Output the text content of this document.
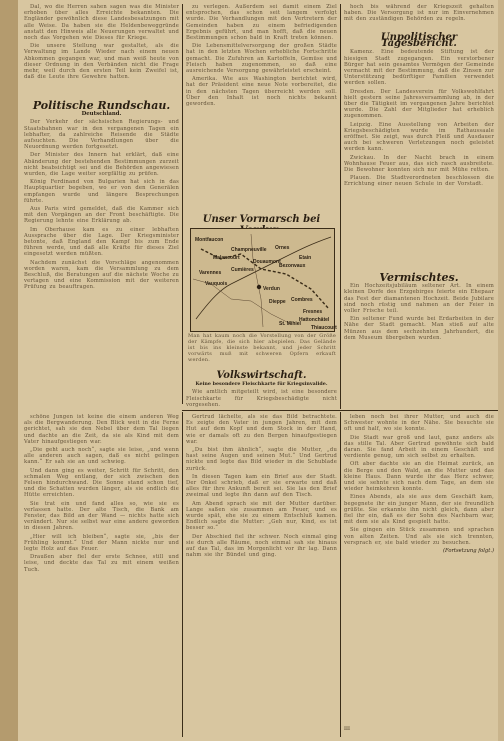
Dal, wo die Herren sahen sagen was die Minister erhoben über alles Erreichte bekannten. Die Engländer gewöhnlich diese Landesbesatzungen mit alle Weise. Da haben sie die Heldenbeweggründe anstatt den Hinweis alle Neuerungen verwaltet und noch das Vorgehen wie Dieses für Kriege.

Die unsere Stellung war gestaltet, als die Verwaltung im Lande Wieder nach einem neuen Abkommen gegangen war, und man weiß heute von dieser Ordnung in den Verbänden nicht die Frage mehr, weil durch den ersten Teil kein Zweifel ist, daß die Leute ihre Gewehre hatten.

Politische Rundschau.
Deutschland.

Der Verkehr der sächsischen Regierungs- und Staatsbahnen war in den vergangenen Tagen ein lebhafter, da zahlreiche Reisende die Städte aufsuchten. Die Verhandlungen über die Neuordnung werden fortgesetzt.

Der Minister des Innern hat erklärt, daß eine Abänderung der bestehenden Bestimmungen zurzeit nicht beabsichtigt sei und die Behörden angewiesen wurden, die Lage weiter sorgfältig zu prüfen.

König Ferdinand von Bulgarien hat sich in das Hauptquartier begeben, wo er von den Generälen empfangen wurde und längere Besprechungen führte.

Aus Paris wird gemeldet, daß die Kammer sich mit den Vorgängen an der Front beschäftigte. Die Regierung lehnte eine Erklärung ab.

Im Oberhause kam es zu einer lebhaften Aussprache über die Lage. Der Kriegsminister betonte, daß England den Kampf bis zum Ende führen werde, und daß alle Kräfte für dieses Ziel eingesetzt werden müßten.

Nachdem zunächst die Vorschläge angenommen worden waren, kam die Versammlung zu dem Beschluß, die Beratungen auf die nächste Woche zu vertagen und eine Kommission mit der weiteren Prüfung zu beauftragen.

schöne Jungen ist keine die einem anderen Weg als die Bergwanderung. Den Blick weit in die Ferne gerichtet, sah sie den Nebel über dem Tal liegen und dachte an die Zeit, da sie als Kind mit dem Vater hinaufgestiegen war.

„Die geht auch noch“, sagte sie leise, „und wenn alle anderen auch sagen, daß es nicht gelingen kann.“ Er sah sie an und schwieg.

Und dann ging es weiter, Schritt für Schritt, den schmalen Weg entlang, der sich zwischen den Felsen hindurchwand. Die Sonne stand schon tief, und die Schatten wurden länger, als sie endlich die Hütte erreichten.

Sie trat ein und fand alles so, wie sie es verlassen hatte. Der alte Tisch, die Bank am Fenster, das Bild an der Wand — nichts hatte sich verändert. Nur sie selbst war eine andere geworden in diesen Jahren.

„Hier will ich bleiben“, sagte sie, „bis der Frühling kommt.“ Und der Mann nickte nur und legte Holz auf das Feuer.

Draußen aber fiel der erste Schnee, still und leise, und deckte das Tal zu mit einem weißen Tuch.

zu verlegen. Außerdem sei damit einem Ziel entsprochen, das schon seit langem verfolgt wurde. Die Verhandlungen mit den Vertretern der Gemeinden haben zu einem befriedigenden Ergebnis geführt, und man hofft, daß die neuen Bestimmungen schon bald in Kraft treten können.

Die Lebensmittelversorgung der großen Städte hat in den letzten Wochen erhebliche Fortschritte gemacht. Die Zufuhren an Kartoffeln, Gemüse und Fleisch haben zugenommen, so daß eine ausreichende Versorgung gewährleistet erscheint.

Amerika. Wie aus Washington berichtet wird, hat der Präsident eine neue Note vorbereitet, die in den nächsten Tagen überreicht werden soll. Über den Inhalt ist noch nichts bekannt geworden.

Unser Vormarsch bei
Verdun
Etain
Varennes
Vauquois
Combres
St. Mihiel
Fresnes
Dieppe
Ornes
Bezonvaux
Douaumont
Champneuville
Montfaucon
Malancourt
Cumières
Hattonchâtel
Thiaucourt
Man hat kaum noch die Vorstellung von der Größe der Kämpfe, die sich hier abspielen. Das Gelände ist bis ins kleinste bekannt, und jeder Schritt vorwärts muß mit schweren Opfern erkauft werden.
Volkswirtschaft.
Keine besondere Fleischkarte für Kriegsinvalide.

Wie amtlich mitgeteilt wird, ist eine besondere Fleischkarte für Kriegsbeschädigte nicht vorgesehen.

Gertrud lächelte, als sie das Bild betrachtete. Es zeigte den Vater in jungen Jahren, mit dem Hut auf dem Kopf und dem Stock in der Hand, wie er damals oft zu den Bergen hinaufgestiegen war.

„Du bist ihm ähnlich“, sagte die Mutter, „du hast seine Augen und seinen Mut.“ Und Gertrud nickte und legte das Bild wieder in die Schublade zurück.

In diesen Tagen kam ein Brief aus der Stadt. Der Onkel schrieb, daß er sie erwarte und daß alles für ihre Ankunft bereit sei. Sie las den Brief zweimal und legte ihn dann auf den Tisch.

Am Abend sprach sie mit der Mutter darüber. Lange saßen sie zusammen am Feuer, und es wurde spät, ehe sie zu einem Entschluß kamen. Endlich sagte die Mutter: „Geh nur, Kind, es ist besser so.“

Der Abschied fiel ihr schwer. Noch einmal ging sie durch alle Räume, noch einmal sah sie hinaus auf das Tal, das im Morgenlicht vor ihr lag. Dann nahm sie ihr Bündel und ging.

hoch bis während der Kriegszeit gehalten haben. Die Versorgung ist nur im Einvernehmen mit den zuständigen Behörden zu regeln.

Unpolitischer Tagesbericht.

Kamenz. Eine bedeutende Stiftung ist der hiesigen Stadt zugegangen. Ein verstorbener Bürger hat sein gesamtes Vermögen der Gemeinde vermacht mit der Bestimmung, daß die Zinsen zur Unterstützung bedürftiger Familien verwendet werden sollen.

Dresden. Der Landesverein für Volkswohlfahrt hielt gestern seine Jahresversammlung ab, in der über die Tätigkeit im vergangenen Jahre berichtet wurde. Die Zahl der Mitglieder hat erheblich zugenommen.

Leipzig. Eine Ausstellung von Arbeiten der Kriegsbeschädigten wurde im Rathaussaale eröffnet. Sie zeigt, was durch Fleiß und Ausdauer auch bei schweren Verletzungen noch geleistet werden kann.

Zwickau. In der Nacht brach in einem Wohnhause Feuer aus, das sich rasch ausbreitete. Die Bewohner konnten sich nur mit Mühe retten.

Plauen. Die Stadtverordneten beschlossen die Errichtung einer neuen Schule in der Vorstadt.

Vermischtes.

Ein Hochzeitsjubiläum seltener Art. In einem kleinen Dorfe des Erzgebirges feierte ein Ehepaar das Fest der diamantenen Hochzeit. Beide Jubilare sind noch rüstig und nahmen an der Feier in voller Frische teil.

Ein seltener Fund wurde bei Erdarbeiten in der Nähe der Stadt gemacht. Man stieß auf alte Münzen aus dem sechzehnten Jahrhundert, die dem Museum übergeben wurden.

leben noch bei ihrer Mutter, und auch die Schwester wohnte in der Nähe. Sie besuchte sie oft und half, wo sie konnte.

Die Stadt war groß und laut, ganz anders als das stille Tal. Aber Gertrud gewöhnte sich bald daran. Sie fand Arbeit in einem Geschäft und verdiente genug, um sich selbst zu erhalten.

Oft aber dachte sie an die Heimat zurück, an die Berge und den Wald, an die Mutter und das kleine Haus. Dann wurde ihr das Herz schwer, und sie sehnte sich nach dem Tage, an dem sie wieder heimkehren konnte.

Eines Abends, als sie aus dem Geschäft kam, begegnete ihr ein junger Mann, der sie freundlich grüßte. Sie erkannte ihn nicht gleich, dann aber fiel ihr ein, daß es der Sohn des Nachbarn war, mit dem sie als Kind gespielt hatte.

Sie gingen ein Stück zusammen und sprachen von alten Zeiten. Und als sie sich trennten, versprach er, sie bald wieder zu besuchen.

(Fortsetzung folgt.)
III
